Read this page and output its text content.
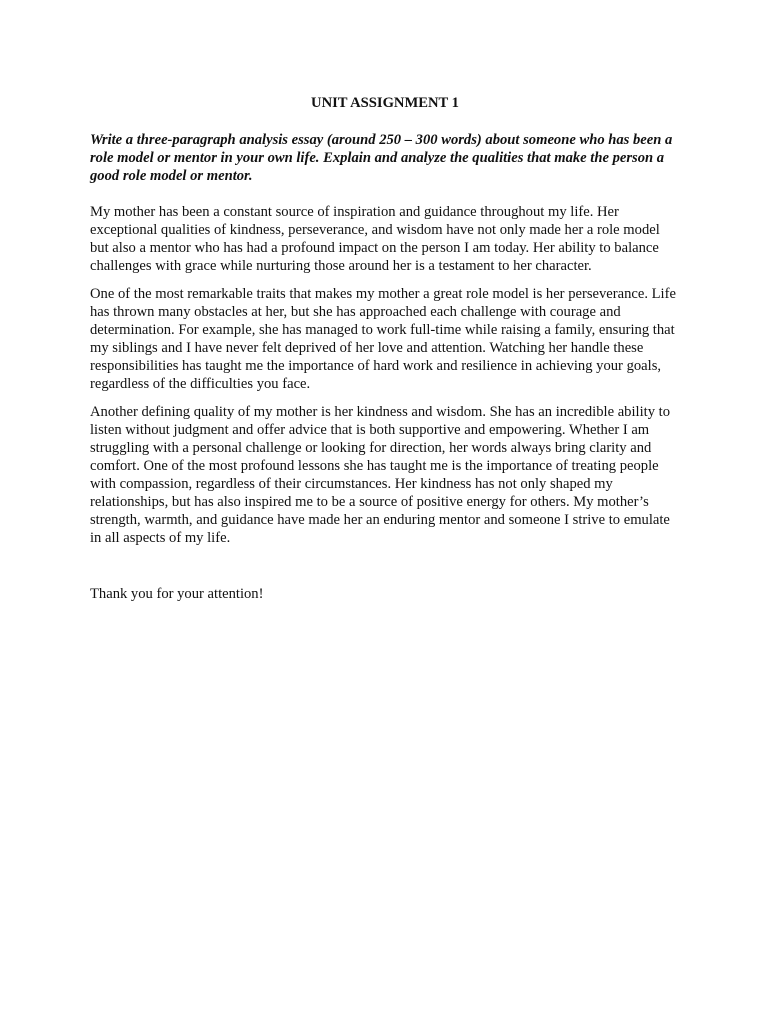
UNIT ASSIGNMENT 1

Write a three-paragraph analysis essay (around 250 – 300 words) about someone who has been a role model or mentor in your own life. Explain and analyze the qualities that make the person a good role model or mentor.

My mother has been a constant source of inspiration and guidance throughout my life. Her exceptional qualities of kindness, perseverance, and wisdom have not only made her a role model but also a mentor who has had a profound impact on the person I am today. Her ability to balance challenges with grace while nurturing those around her is a testament to her character.

One of the most remarkable traits that makes my mother a great role model is her perseverance. Life has thrown many obstacles at her, but she has approached each challenge with courage and determination. For example, she has managed to work full-time while raising a family, ensuring that my siblings and I have never felt deprived of her love and attention. Watching her handle these responsibilities has taught me the importance of hard work and resilience in achieving your goals, regardless of the difficulties you face.

Another defining quality of my mother is her kindness and wisdom. She has an incredible ability to listen without judgment and offer advice that is both supportive and empowering. Whether I am struggling with a personal challenge or looking for direction, her words always bring clarity and comfort. One of the most profound lessons she has taught me is the importance of treating people with compassion, regardless of their circumstances. Her kindness has not only shaped my relationships, but has also inspired me to be a source of positive energy for others. My mother’s strength, warmth, and guidance have made her an enduring mentor and someone I strive to emulate in all aspects of my life.

Thank you for your attention!
